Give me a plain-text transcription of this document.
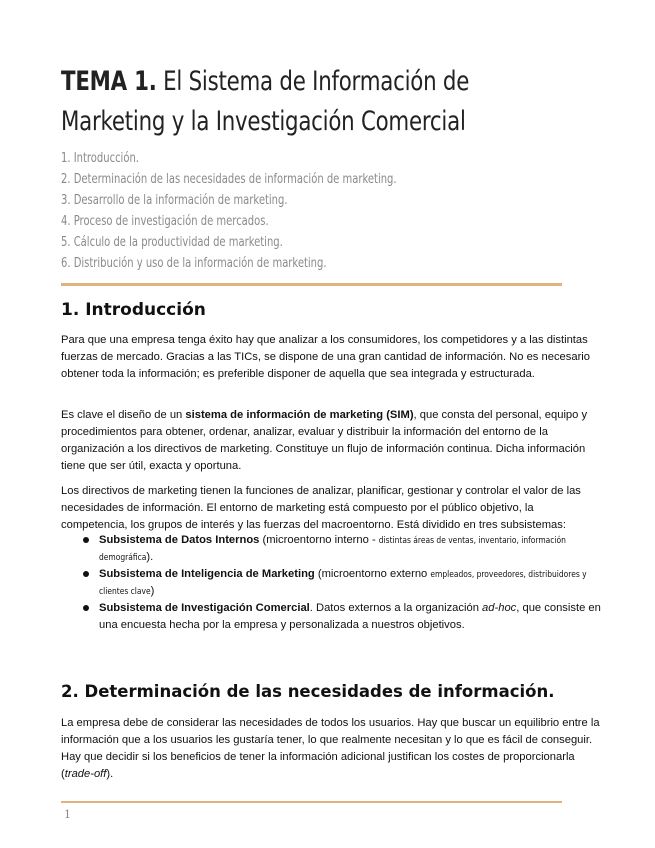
TEMA 1. El Sistema de Información de Marketing y la Investigación Comercial
1. Introducción.
2. Determinación de las necesidades de información de marketing.
3. Desarrollo de la información de marketing.
4. Proceso de investigación de mercados.
5. Cálculo de la productividad de marketing.
6. Distribución y uso de la información de marketing.
1. Introducción

Para que una empresa tenga éxito hay que analizar a los consumidores, los competidores y a las distintas fuerzas de mercado. Gracias a las TICs, se dispone de una gran cantidad de información. No es necesario obtener toda la información; es preferible disponer de aquella que sea integrada y estructurada.

Es clave el diseño de un sistema de información de marketing (SIM), que consta del personal, equipo y procedimientos para obtener, ordenar, analizar, evaluar y distribuir la información del entorno de la organización a los directivos de marketing. Constituye un flujo de información continua. Dicha información tiene que ser útil, exacta y oportuna.

Los directivos de marketing tienen la funciones de analizar, planificar, gestionar y controlar el valor de las necesidades de información. El entorno de marketing está compuesto por el público objetivo, la competencia, los grupos de interés y las fuerzas del macroentorno. Está dividido en tres subsistemas:

Subsistema de Datos Internos (microentorno interno - distintas áreas de ventas, inventario, información demográfica).
Subsistema de Inteligencia de Marketing (microentorno externo empleados, proveedores, distribuidores y clientes clave)
Subsistema de Investigación Comercial. Datos externos a la organización ad-hoc, que consiste en una encuesta hecha por la empresa y personalizada a nuestros objetivos.
2. Determinación de las necesidades de información.

La empresa debe de considerar las necesidades de todos los usuarios. Hay que buscar un equilibrio entre la información que a los usuarios les gustaría tener, lo que realmente necesitan y lo que es fácil de conseguir. Hay que decidir si los beneficios de tener la información adicional justifican los costes de proporcionarla (trade-off).

1
